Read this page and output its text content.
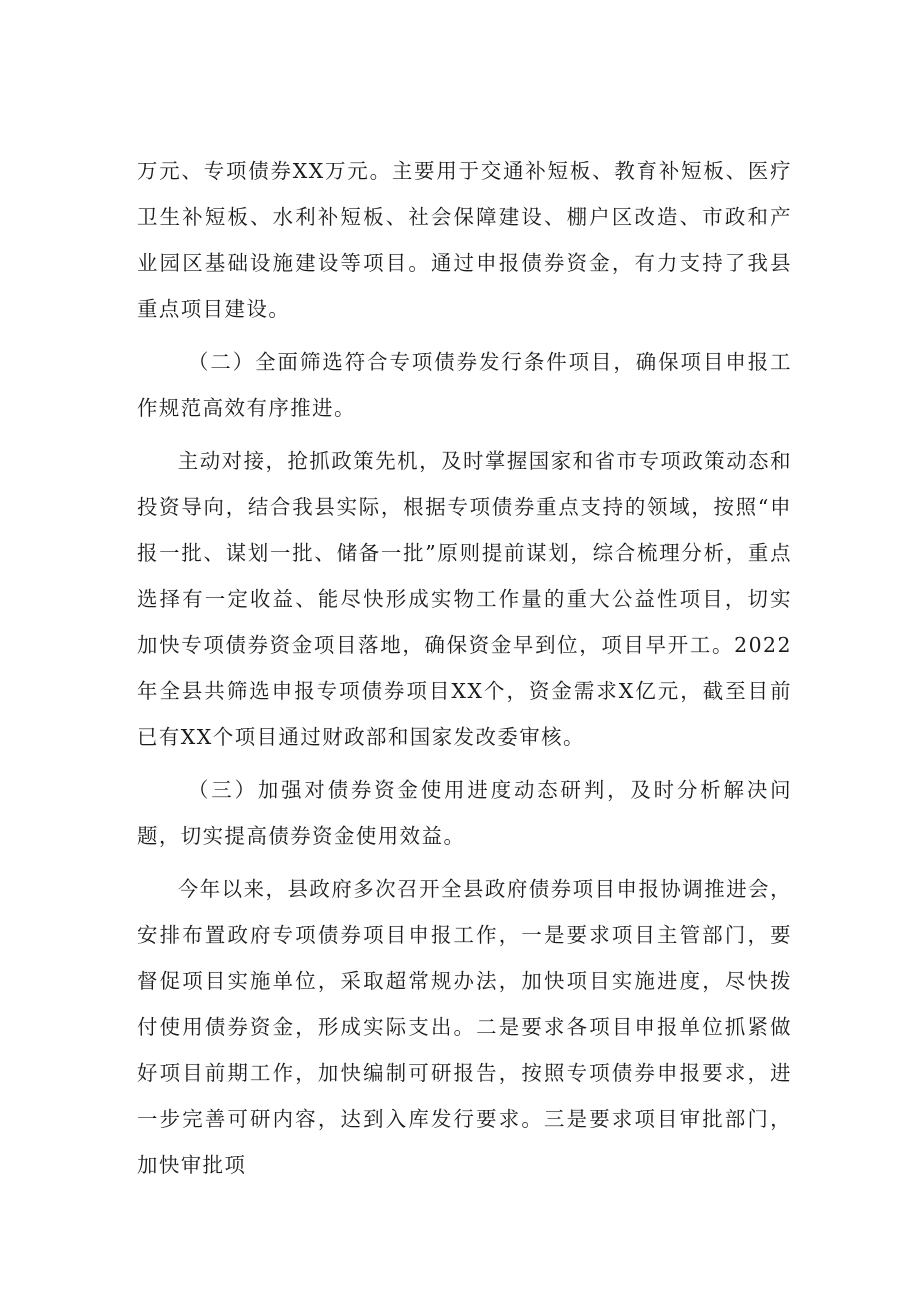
万元、专项债券XX万元。主要用于交通补短板、教育补短板、医疗卫生补短板、水利补短板、社会保障建设、棚户区改造、市政和产业园区基础设施建设等项目。通过申报债券资金，有力支持了我县重点项目建设。

（二）全面筛选符合专项债券发行条件项目，确保项目申报工作规范高效有序推进。

主动对接，抢抓政策先机，及时掌握国家和省市专项政策动态和投资导向，结合我县实际，根据专项债券重点支持的领域，按照“申报一批、谋划一批、储备一批”原则提前谋划，综合梳理分析，重点选择有一定收益、能尽快形成实物工作量的重大公益性项目，切实加快专项债券资金项目落地，确保资金早到位，项目早开工。2022年全县共筛选申报专项债券项目XX个，资金需求X亿元，截至目前已有XX个项目通过财政部和国家发改委审核。

（三）加强对债券资金使用进度动态研判，及时分析解决问题，切实提高债券资金使用效益。

今年以来，县政府多次召开全县政府债券项目申报协调推进会，安排布置政府专项债券项目申报工作，一是要求项目主管部门，要督促项目实施单位，采取超常规办法，加快项目实施进度，尽快拨付使用债券资金，形成实际支出。二是要求各项目申报单位抓紧做好项目前期工作，加快编制可研报告，按照专项债券申报要求，进一步完善可研内容，达到入库发行要求。三是要求项目审批部门，加快审批项
